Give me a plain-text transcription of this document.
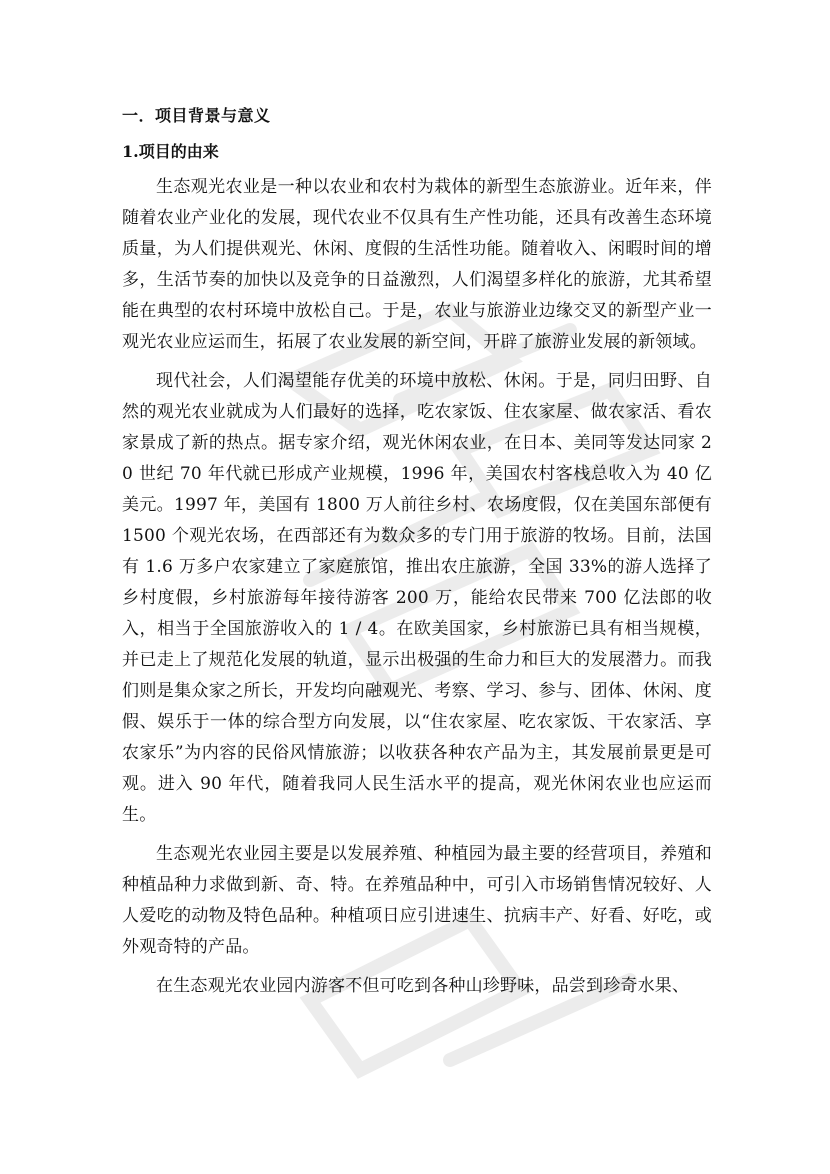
一．项目背景与意义
1.项目的由来

生态观光农业是一种以农业和农村为栽体的新型生态旅游业。近年来，伴随着农业产业化的发展，现代农业不仅具有生产性功能，还具有改善生态环境质量，为人们提供观光、休闲、度假的生活性功能。随着收入、闲暇时间的增多，生活节奏的加快以及竞争的日益激烈，人们渴望多样化的旅游，尤其希望能在典型的农村环境中放松自己。于是，农业与旅游业边缘交叉的新型产业一观光农业应运而生，拓展了农业发展的新空间，开辟了旅游业发展的新领域。

现代社会，人们渴望能存优美的环境中放松、休闲。于是，同归田野、自然的观光农业就成为人们最好的选择，吃农家饭、住农家屋、做农家活、看农家景成了新的热点。据专家介绍，观光休闲农业，在日本、美同等发达同家 20 世纪 70 年代就已形成产业规模，1996 年，美国农村客栈总收入为 40 亿美元。1997 年，美国有 1800 万人前往乡村、农场度假，仅在美国东部便有 1500 个观光农场，在西部还有为数众多的专门用于旅游的牧场。目前，法国有 1.6 万多户农家建立了家庭旅馆，推出农庄旅游，全国 33%的游人选择了乡村度假，乡村旅游每年接待游客 200 万，能给农民带来 700 亿法郎的收入，相当于全国旅游收入的 1 / 4。在欧美国家，乡村旅游已具有相当规模，并已走上了规范化发展的轨道，显示出极强的生命力和巨大的发展潜力。而我们则是集众家之所长，开发均向融观光、考察、学习、参与、团体、休闲、度假、娱乐于一体的综合型方向发展，以“住农家屋、吃农家饭、干农家活、享农家乐”为内容的民俗风情旅游；以收获各种农产品为主，其发展前景更是可观。进入 90 年代，随着我同人民生活水平的提高，观光休闲农业也应运而生。

生态观光农业园主要是以发展养殖、种植园为最主要的经营项目，养殖和种植品种力求做到新、奇、特。在养殖品种中，可引入市场销售情况较好、人人爱吃的动物及特色品种。种植项日应引进速生、抗病丰产、好看、好吃，或外观奇特的产品。

在生态观光农业园内游客不但可吃到各种山珍野味，品尝到珍奇水果、
